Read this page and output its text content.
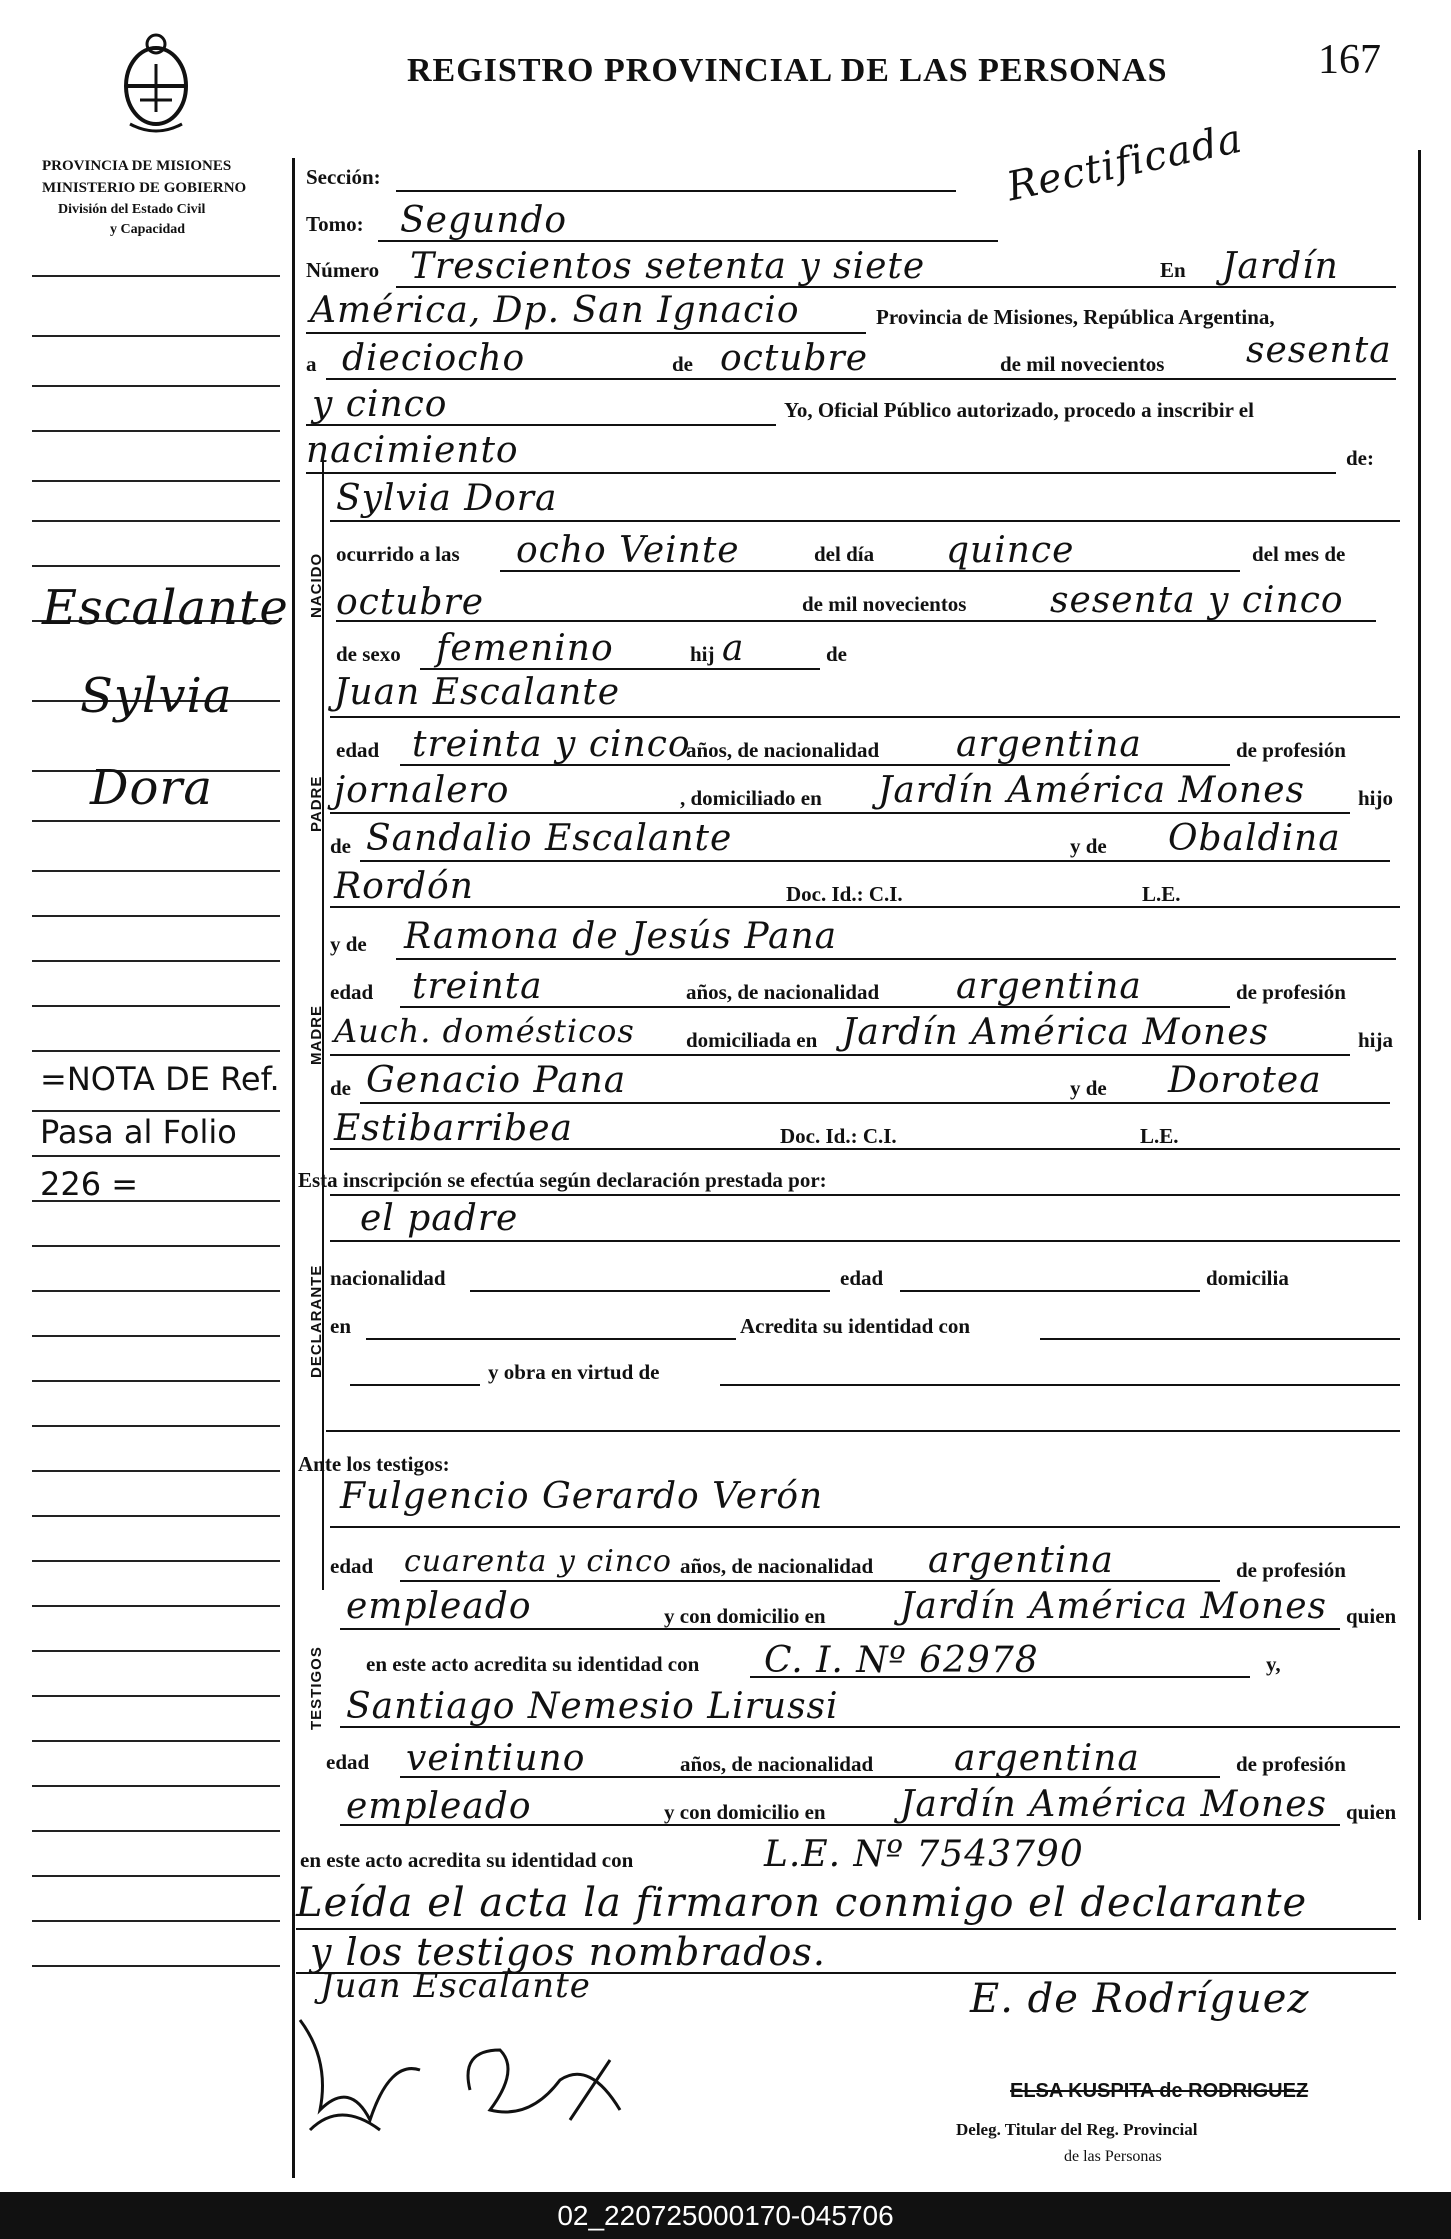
PROVINCIA DE MISIONES
MINISTERIO DE GOBIERNO
División del Estado Civil
y Capacidad
REGISTRO PROVINCIAL DE LAS PERSONAS	167
Rectificada
Escalante
Sylvia
Dora
=NOTA DE Ref.
Pasa al Folio
226 =
NACIDO
PADRE
MADRE
DECLARANTE
TESTIGOS
Sección:
Tomo: Segundo
Número Trescientos setenta y siete	En Jardín
América, Dp. San Ignacio	Provincia de Misiones, República Argentina,
a dieciocho	de octubre	de mil novecientos sesenta
y cinco	Yo, Oficial Público autorizado, procedo a inscribir el
nacimiento	de:
Sylvia Dora
ocurrido a las ocho Veinte	del día quince	del mes de
octubre	de mil novecientos sesenta y cinco
de sexo femenino	hij a	de
Juan Escalante
edad treinta y cinco
años, de nacionalidad argentina	de profesión
jornalero	, domiciliado en Jardín América Mones	hijo
de Sandalio Escalante	y de Obaldina
Rordón	Doc. Id.: C.I.	L.E.
y de Ramona de Jesús Pana
edad treinta	años, de nacionalidad argentina	de profesión
Auch. domésticos domiciliada en Jardín América Mones	hija
de Genacio Pana	y de Dorotea
Estibarribea	Doc. Id.: C.I.	L.E.
Esta inscripción se efectúa según declaración prestada por:
el padre
nacionalidad	edad	domicilia
en	Acredita su identidad con
y obra en virtud de
Ante los testigos:
Fulgencio Gerardo Verón
edad cuarenta y cinco años, de nacionalidad argentina	de profesión
empleado	y con domicilio en Jardín América Mones quien
en este acto acredita su identidad con C. I. Nº 62978	y,
Santiago Nemesio Lirussi
edad veintiuno	años, de nacionalidad argentina	de profesión
empleado	y con domicilio en Jardín América Mones quien
en este acto acredita su identidad con	L.E. Nº 7543790
Leída el acta la firmaron conmigo el declarante
y los testigos nombrados.
Juan Escalante	E. de Rodríguez
ELSA KUSPITA de RODRIGUEZ
Deleg. Titular del Reg. Provincial
de las Personas
02_220725000170-045706
